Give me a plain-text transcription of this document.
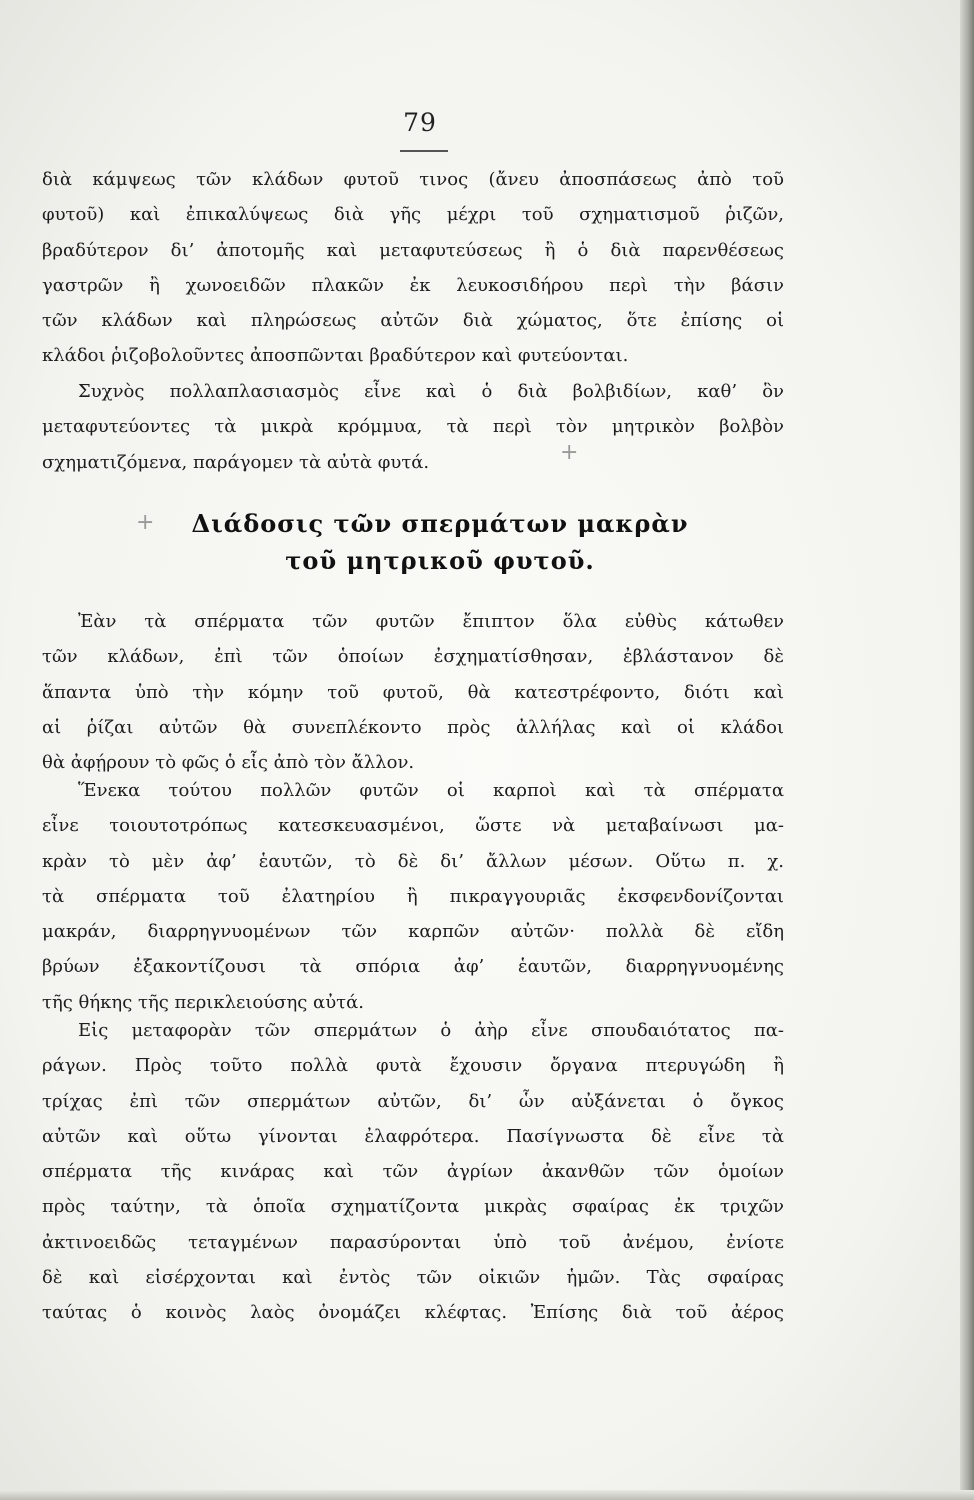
79
διὰ κάμψεως τῶν κλάδων φυτοῦ τινος (ἄνευ ἀποσπάσεως ἀπὸ τοῦ
φυτοῦ) καὶ ἐπικαλύψεως διὰ γῆς μέχρι τοῦ σχηματισμοῦ ῥιζῶν,
βραδύτερον δι’ ἀποτομῆς καὶ μεταφυτεύσεως ἢ ὁ διὰ παρενθέσεως
γαστρῶν ἢ χωνοειδῶν πλακῶν ἐκ λευκοσιδήρου περὶ τὴν βάσιν
τῶν κλάδων καὶ πληρώσεως αὐτῶν διὰ χώματος, ὅτε ἐπίσης οἱ
κλάδοι ῥιζοβολοῦντες ἀποσπῶνται βραδύτερον καὶ φυτεύονται.
Συχνὸς πολλαπλασιασμὸς εἶνε καὶ ὁ διὰ βολβιδίων, καθ’ ὃν
μεταφυτεύοντες τὰ μικρὰ κρόμμυα, τὰ περὶ τὸν μητρικὸν βολβὸν
σχηματιζόμενα, παράγομεν τὰ αὐτὰ φυτά.	+
+	Διάδοσις τῶν σπερμάτων μακρὰν
τοῦ μητρικοῦ φυτοῦ.
Ἐὰν τὰ σπέρματα τῶν φυτῶν ἔπιπτον ὅλα εὐθὺς κάτωθεν
τῶν κλάδων, ἐπὶ τῶν ὁποίων ἐσχηματίσθησαν, ἐβλάστανον δὲ
ἅπαντα ὑπὸ τὴν κόμην τοῦ φυτοῦ, θὰ κατεστρέφοντο, διότι καὶ
αἱ ῥίζαι αὐτῶν θὰ συνεπλέκοντο πρὸς ἀλλήλας καὶ οἱ κλάδοι
θὰ ἀφῄρουν τὸ φῶς ὁ εἷς ἀπὸ τὸν ἄλλον.
Ἕνεκα τούτου πολλῶν φυτῶν οἱ καρποὶ καὶ τὰ σπέρματα
εἶνε τοιουτοτρόπως κατεσκευασμένοι, ὥστε νὰ μεταβαίνωσι μα-
κρὰν τὸ μὲν ἀφ’ ἑαυτῶν, τὸ δὲ δι’ ἄλλων μέσων. Οὕτω π. χ.
τὰ σπέρματα τοῦ ἐλατηρίου ἢ πικραγγουριᾶς ἐκσφενδονίζονται
μακράν, διαρρηγνυομένων τῶν καρπῶν αὐτῶν· πολλὰ δὲ εἴδη
βρύων ἐξακοντίζουσι τὰ σπόρια ἀφ’ ἑαυτῶν, διαρρηγνυομένης
τῆς θήκης τῆς περικλειούσης αὐτά.
Εἰς μεταφορὰν τῶν σπερμάτων ὁ ἀὴρ εἶνε σπουδαιότατος πα-
ράγων. Πρὸς τοῦτο πολλὰ φυτὰ ἔχουσιν ὄργανα πτερυγώδη ἢ
τρίχας ἐπὶ τῶν σπερμάτων αὐτῶν, δι’ ὧν αὐξάνεται ὁ ὄγκος
αὐτῶν καὶ οὕτω γίνονται ἐλαφρότερα. Πασίγνωστα δὲ εἶνε τὰ
σπέρματα τῆς κινάρας καὶ τῶν ἀγρίων ἀκανθῶν τῶν ὁμοίων
πρὸς ταύτην, τὰ ὁποῖα σχηματίζοντα μικρὰς σφαίρας ἐκ τριχῶν
ἀκτινοειδῶς τεταγμένων παρασύρονται ὑπὸ τοῦ ἀνέμου, ἐνίοτε
δὲ καὶ εἰσέρχονται καὶ ἐντὸς τῶν οἰκιῶν ἡμῶν. Τὰς σφαίρας
ταύτας ὁ κοινὸς λαὸς ὀνομάζει κλέφτας. Ἐπίσης διὰ τοῦ ἀέρος
